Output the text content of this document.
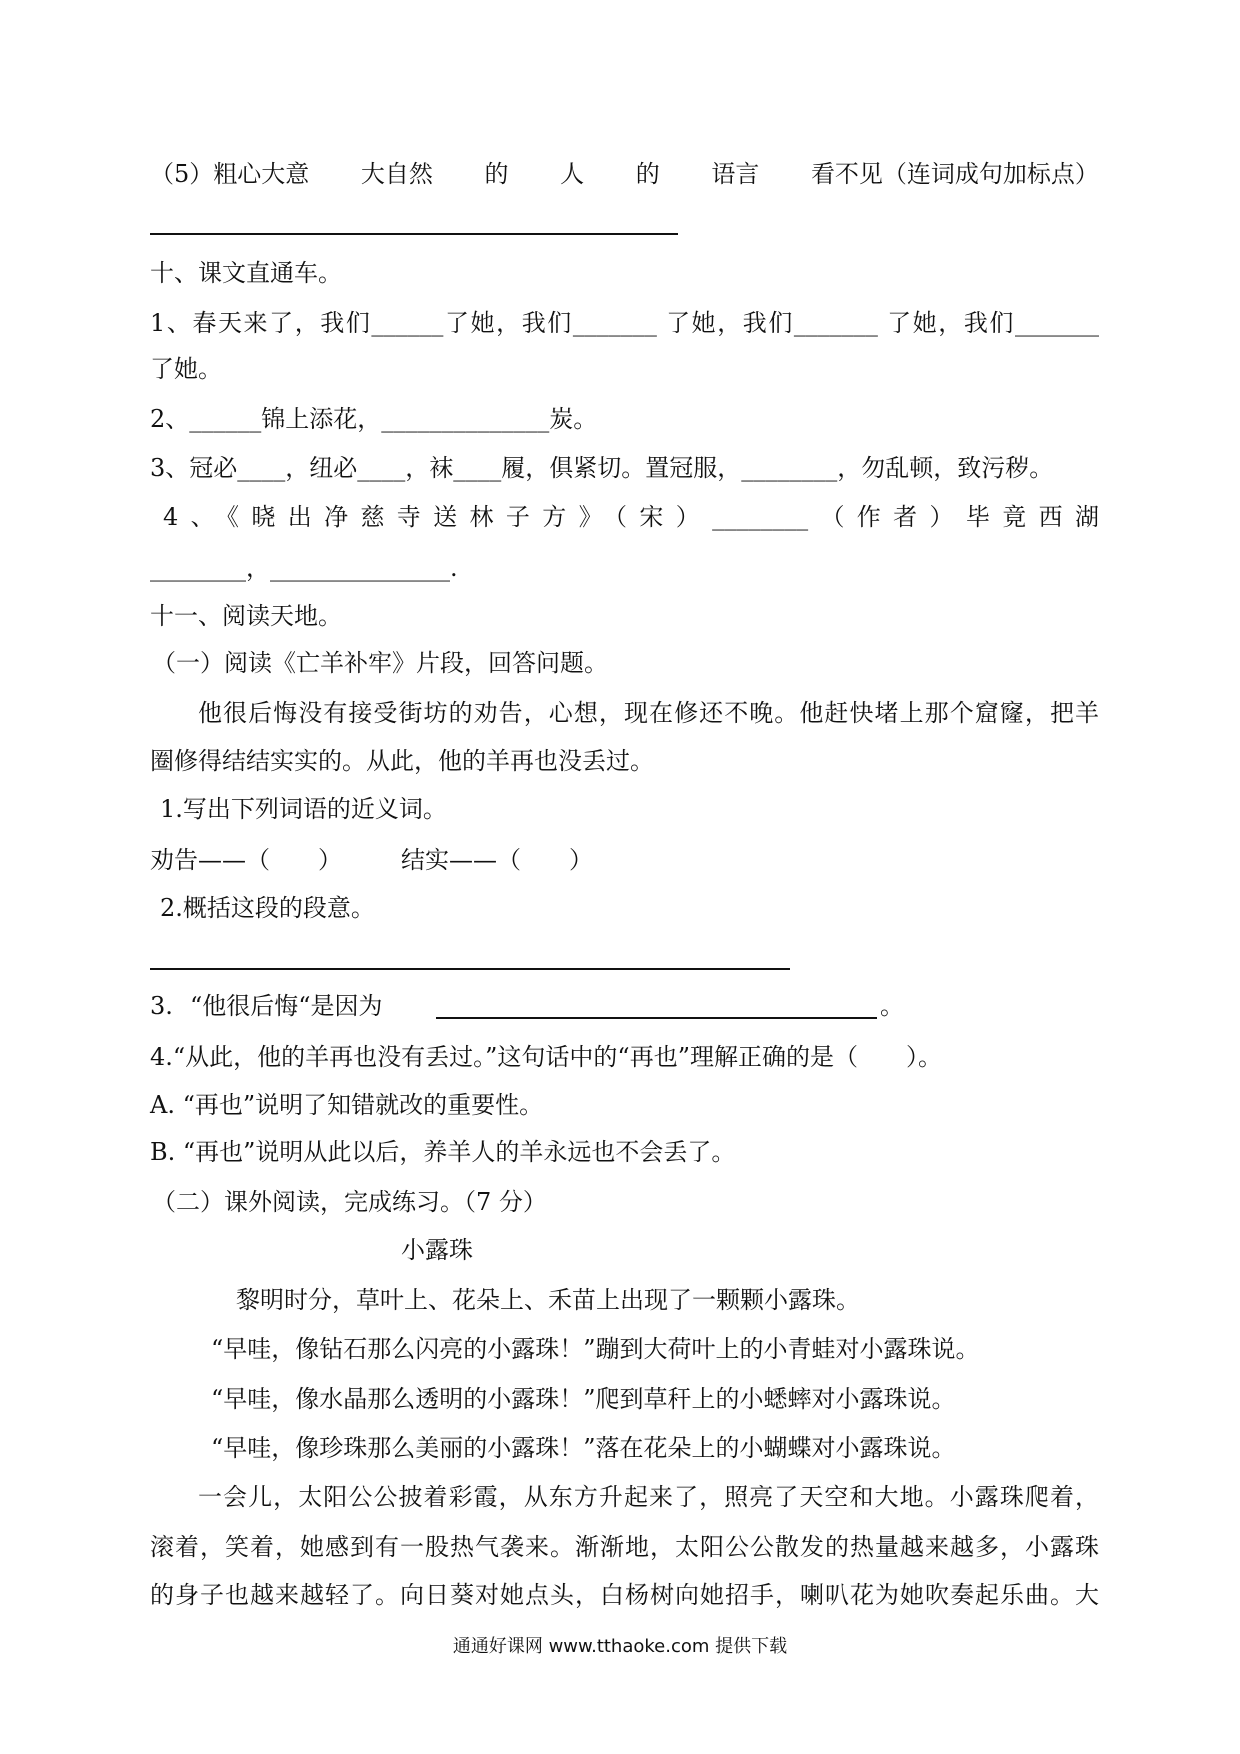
（5）粗心大意 大自然 的 人 的 语言 看不见（连词成句加标点）
十、课文直通车。
1、春天来了，我们______了她，我们_______ 了她，我们_______ 了她，我们_______
了她。
2、______锦上添花，______________炭。
3、冠必____，纽必____，袜____履，俱紧切。置冠服，________，勿乱顿，致污秽。
4、《晓出净慈寺送林子方》（宋）________（作者）毕竟西湖
________，_______________.
十一、阅读天地。
（一）阅读《亡羊补牢》片段，回答问题。
他很后悔没有接受街坊的劝告，心想，现在修还不晚。他赶快堵上那个窟窿，把羊
圈修得结结实实的。从此，他的羊再也没丢过。
1.写出下列词语的近义词。
劝告——（　　） 结实——（　　）
2.概括这段的段意。
3. “他很后悔“是因为	。
4.“从此，他的羊再也没有丢过。”这句话中的“再也”理解正确的是（　　）。
A. “再也”说明了知错就改的重要性。
B. “再也”说明从此以后，养羊人的羊永远也不会丢了。
（二）课外阅读，完成练习。（7 分）
小露珠
黎明时分，草叶上、花朵上、禾苗上出现了一颗颗小露珠。
“早哇，像钻石那么闪亮的小露珠！”蹦到大荷叶上的小青蛙对小露珠说。
“早哇，像水晶那么透明的小露珠！”爬到草秆上的小蟋蟀对小露珠说。
“早哇，像珍珠那么美丽的小露珠！”落在花朵上的小蝴蝶对小露珠说。
一会儿，太阳公公披着彩霞，从东方升起来了，照亮了天空和大地。小露珠爬着，
滚着，笑着，她感到有一股热气袭来。渐渐地，太阳公公散发的热量越来越多，小露珠
的身子也越来越轻了。向日葵对她点头，白杨树向她招手，喇叭花为她吹奏起乐曲。大
通通好课网 www.tthaoke.com 提供下载
